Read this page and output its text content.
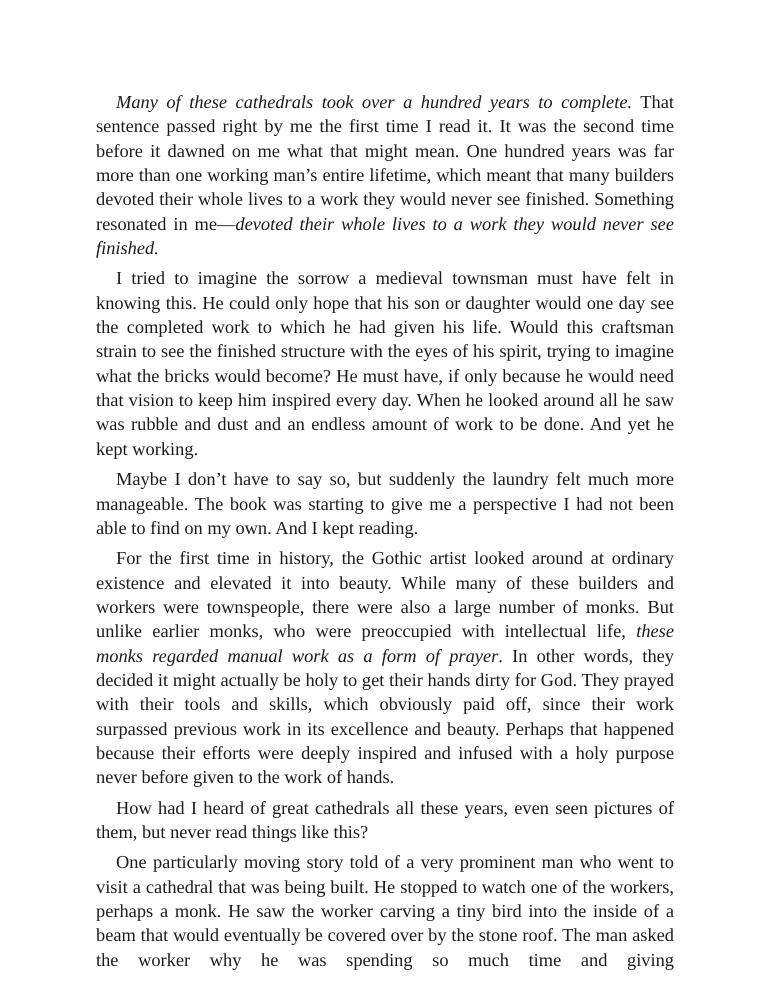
Many of these cathedrals took over a hundred years to complete. That sentence passed right by me the first time I read it. It was the second time before it dawned on me what that might mean. One hundred years was far more than one working man’s entire lifetime, which meant that many builders devoted their whole lives to a work they would never see finished. Something resonated in me—devoted their whole lives to a work they would never see finished.

I tried to imagine the sorrow a medieval townsman must have felt in knowing this. He could only hope that his son or daughter would one day see the completed work to which he had given his life. Would this craftsman strain to see the finished structure with the eyes of his spirit, trying to imagine what the bricks would become? He must have, if only because he would need that vision to keep him inspired every day. When he looked around all he saw was rubble and dust and an endless amount of work to be done. And yet he kept working.

Maybe I don’t have to say so, but suddenly the laundry felt much more manageable. The book was starting to give me a perspective I had not been able to find on my own. And I kept reading.

For the first time in history, the Gothic artist looked around at ordinary existence and elevated it into beauty. While many of these builders and workers were townspeople, there were also a large number of monks. But unlike earlier monks, who were preoccupied with intellectual life, these monks regarded manual work as a form of prayer. In other words, they decided it might actually be holy to get their hands dirty for God. They prayed with their tools and skills, which obviously paid off, since their work surpassed previous work in its excellence and beauty. Perhaps that happened because their efforts were deeply inspired and infused with a holy purpose never before given to the work of hands.

How had I heard of great cathedrals all these years, even seen pictures of them, but never read things like this?

One particularly moving story told of a very prominent man who went to visit a cathedral that was being built. He stopped to watch one of the workers, perhaps a monk. He saw the worker carving a tiny bird into the inside of a beam that would eventually be covered over by the stone roof. The man asked the worker why he was spending so much time and giving
